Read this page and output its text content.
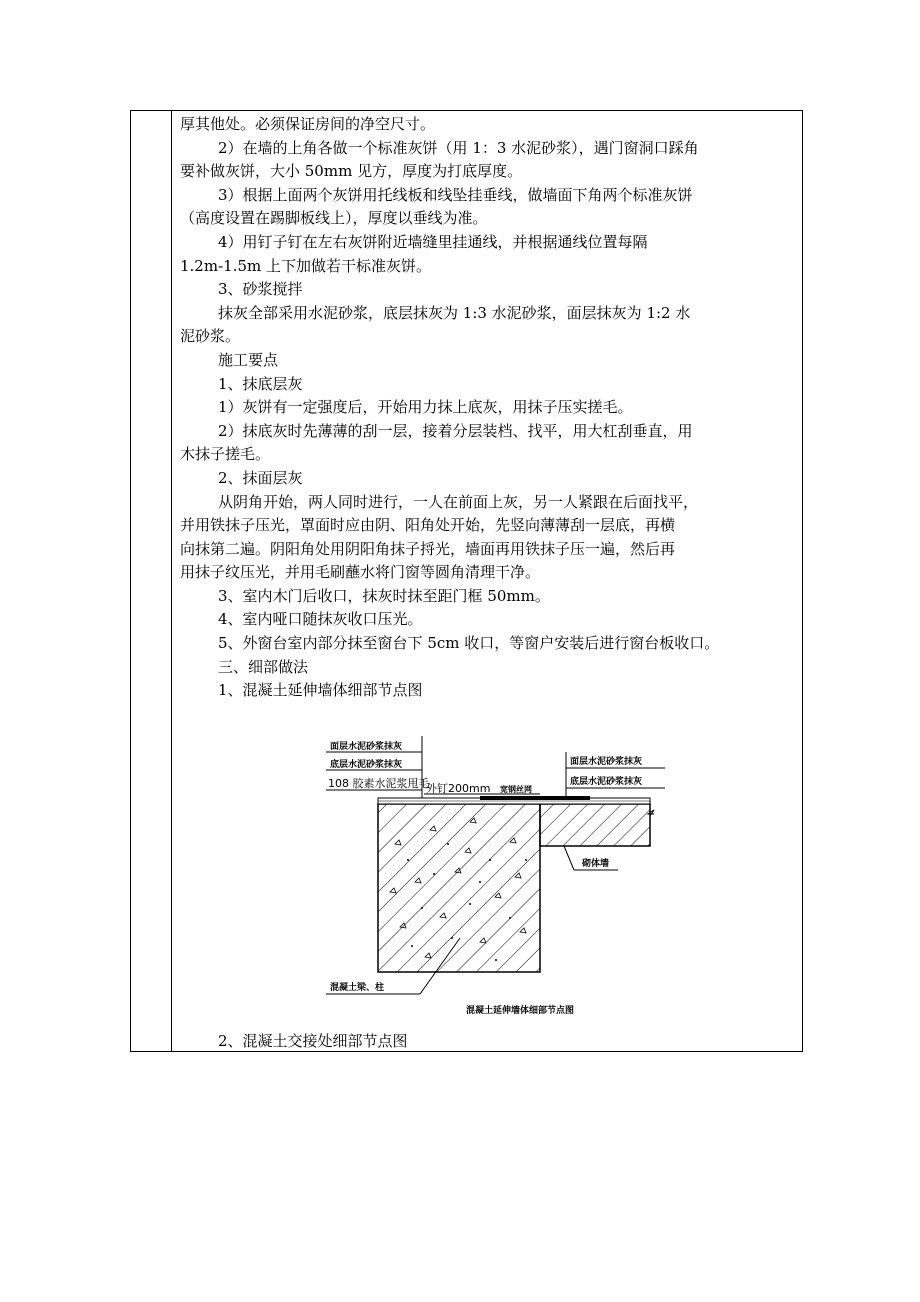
厚其他处。必须保证房间的净空尺寸。
2）在墙的上角各做一个标准灰饼（用 1：3 水泥砂浆），遇门窗洞口踩角
要补做灰饼，大小 50mm 见方，厚度为打底厚度。
3）根据上面两个灰饼用托线板和线坠挂垂线，做墙面下角两个标准灰饼
（高度设置在踢脚板线上），厚度以垂线为准。
4）用钉子钉在左右灰饼附近墙缝里挂通线，并根据通线位置每隔
1.2m-1.5m 上下加做若干标准灰饼。
3、砂浆搅拌
抹灰全部采用水泥砂浆，底层抹灰为 1:3 水泥砂浆，面层抹灰为 1:2 水
泥砂浆。
施工要点
1、抹底层灰
1）灰饼有一定强度后，开始用力抹上底灰，用抹子压实搓毛。
2）抹底灰时先薄薄的刮一层，接着分层装档、找平，用大杠刮垂直，用
木抹子搓毛。
2、抹面层灰
从阴角开始，两人同时进行，一人在前面上灰，另一人紧跟在后面找平，
并用铁抹子压光，罩面时应由阴、阳角处开始，先竖向薄薄刮一层底，再横
向抹第二遍。阴阳角处用阴阳角抹子捋光，墙面再用铁抹子压一遍，然后再
用抹子纹压光，并用毛刷蘸水将门窗等圆角清理干净。
3、室内木门后收口，抹灰时抹至距门框 50mm。
4、室内哑口随抹灰收口压光。
5、外窗台室内部分抹至窗台下 5cm 收口，等窗户安装后进行窗台板收口。
三、细部做法
1、混凝土延伸墙体细部节点图
面层水泥砂浆抹灰
底层水泥砂浆抹灰
108 胶素水泥浆甩毛
外钉200mm 宽钢丝网
面层水泥砂浆抹灰
底层水泥砂浆抹灰
砌体墙
混凝土梁、柱
混凝土延伸墙体细部节点图
2、混凝土交接处细部节点图
